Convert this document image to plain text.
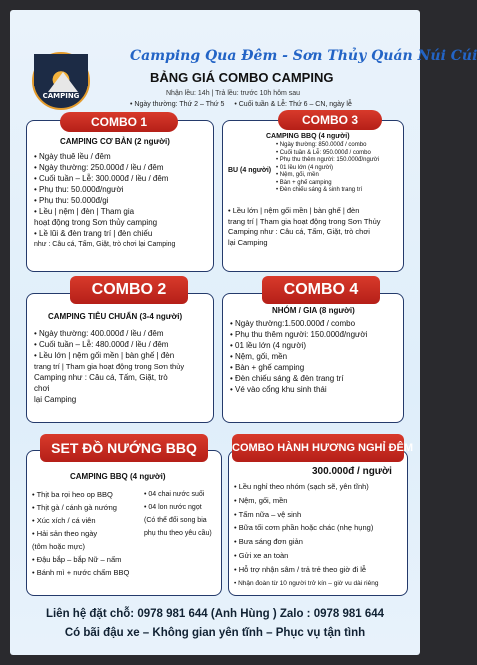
CAMPING
Camping Qua Đêm - Sơn Thủy Quán Núi Cúi
BẢNG GIÁ COMBO CAMPING
Nhận lều: 14h | Trả lều: trước 10h hôm sau
• Ngày thường: Thứ 2 – Thứ 5 • Cuối tuần & Lễ: Thứ 6 – CN, ngày lễ
COMBO 1
CAMPING CƠ BẢN (2 người)
• Ngày thuê lều / đêm
• Ngày thường: 250.000đ / lều / đêm
• Cuối tuần – Lễ: 300.000đ / lều / đêm
• Phụ thu: 50.000đ/người
• Phụ thu: 50.000đ/gi
• Lều | nệm | đèn | Tham gia
hoạt động trong Sơn thủy camping
• Lề lũi & đèn trang trí | đèn chiếu
như : Câu cá, Tấm, Giặt, trò chơi lại Camping
COMBO 3
CAMPING BBQ (4 người)
BU (4 người)
• Ngày thường: 850.000đ / combo
• Cuối tuần & Lễ: 950.000đ / combo
• Phụ thu thêm người: 150.000đ/người
• 01 lều lớn (4 người)
• Nệm, gối, mền
• Bàn + ghế camping
• Đèn chiếu sáng & sinh trang trí
• Lều lớn | nệm gối mền | bàn ghế | đèn
trang trí | Tham gia hoạt động trong Sơn Thủy
Camping như : Câu cá, Tấm, Giặt, trò chơi
lại Camping
COMBO 2
CAMPING TIÊU CHUẨN (3-4 người)
• Ngày thường: 400.000đ / lều / đêm
• Cuối tuần – Lễ: 480.000đ / lều / đêm
• Lều lớn | nệm gối mền | bàn ghế | đèn
trang trí | Tham gia hoạt động trong Sơn thủy
Camping như : Câu cá, Tấm, Giặt, trò
chơi
lại Camping
COMBO 4
NHÓM / GIA (8 người)
• Ngày thường:1.500.000đ / combo
• Phụ thu thêm người: 150.000đ/người
• 01 lều lớn (4 người)
• Nệm, gối, mền
• Bàn + ghế camping
• Đèn chiếu sáng & đèn trang trí
• Vé vào cổng khu sinh thái
SET ĐỒ NƯỚNG BBQ
CAMPING BBQ (4 người)
• Thịt ba rọi heo op BBQ
• Thịt gà / cánh gà nướng
• Xúc xích / cá viên
• Hải sản theo ngày
(tôm hoặc mực)
• Đậu bắp – bắp Nữ – nấm
• Bánh mì + nước chấm BBQ
• 04 chai nước suối
• 04 lon nước ngọt
(Có thể đổi song bia
phụ thu theo yêu cầu)
COMBO HÀNH HƯƠNG NGHỈ ĐÊM
300.000đ / người
• Lều nghỉ theo nhóm (sạch sẽ, yên tĩnh)
• Nệm, gối, mền
• Tấm nữa – vệ sinh
• Bữa tối cơm phần hoặc chác (nhẹ hụng)
• Bưa sáng đơn giản
• Gửi xe an toàn
• Hỗ trợ nhận sâm / trả trẻ theo giờ đi lễ
• Nhận đoàn từ 10 người trở kín – giờ vu dài riêng
Liên hệ đặt chỗ: 0978 981 644 (Anh Hùng ) Zalo : 0978 981 644
Có bãi đậu xe – Không gian yên tĩnh – Phục vụ tận tình
